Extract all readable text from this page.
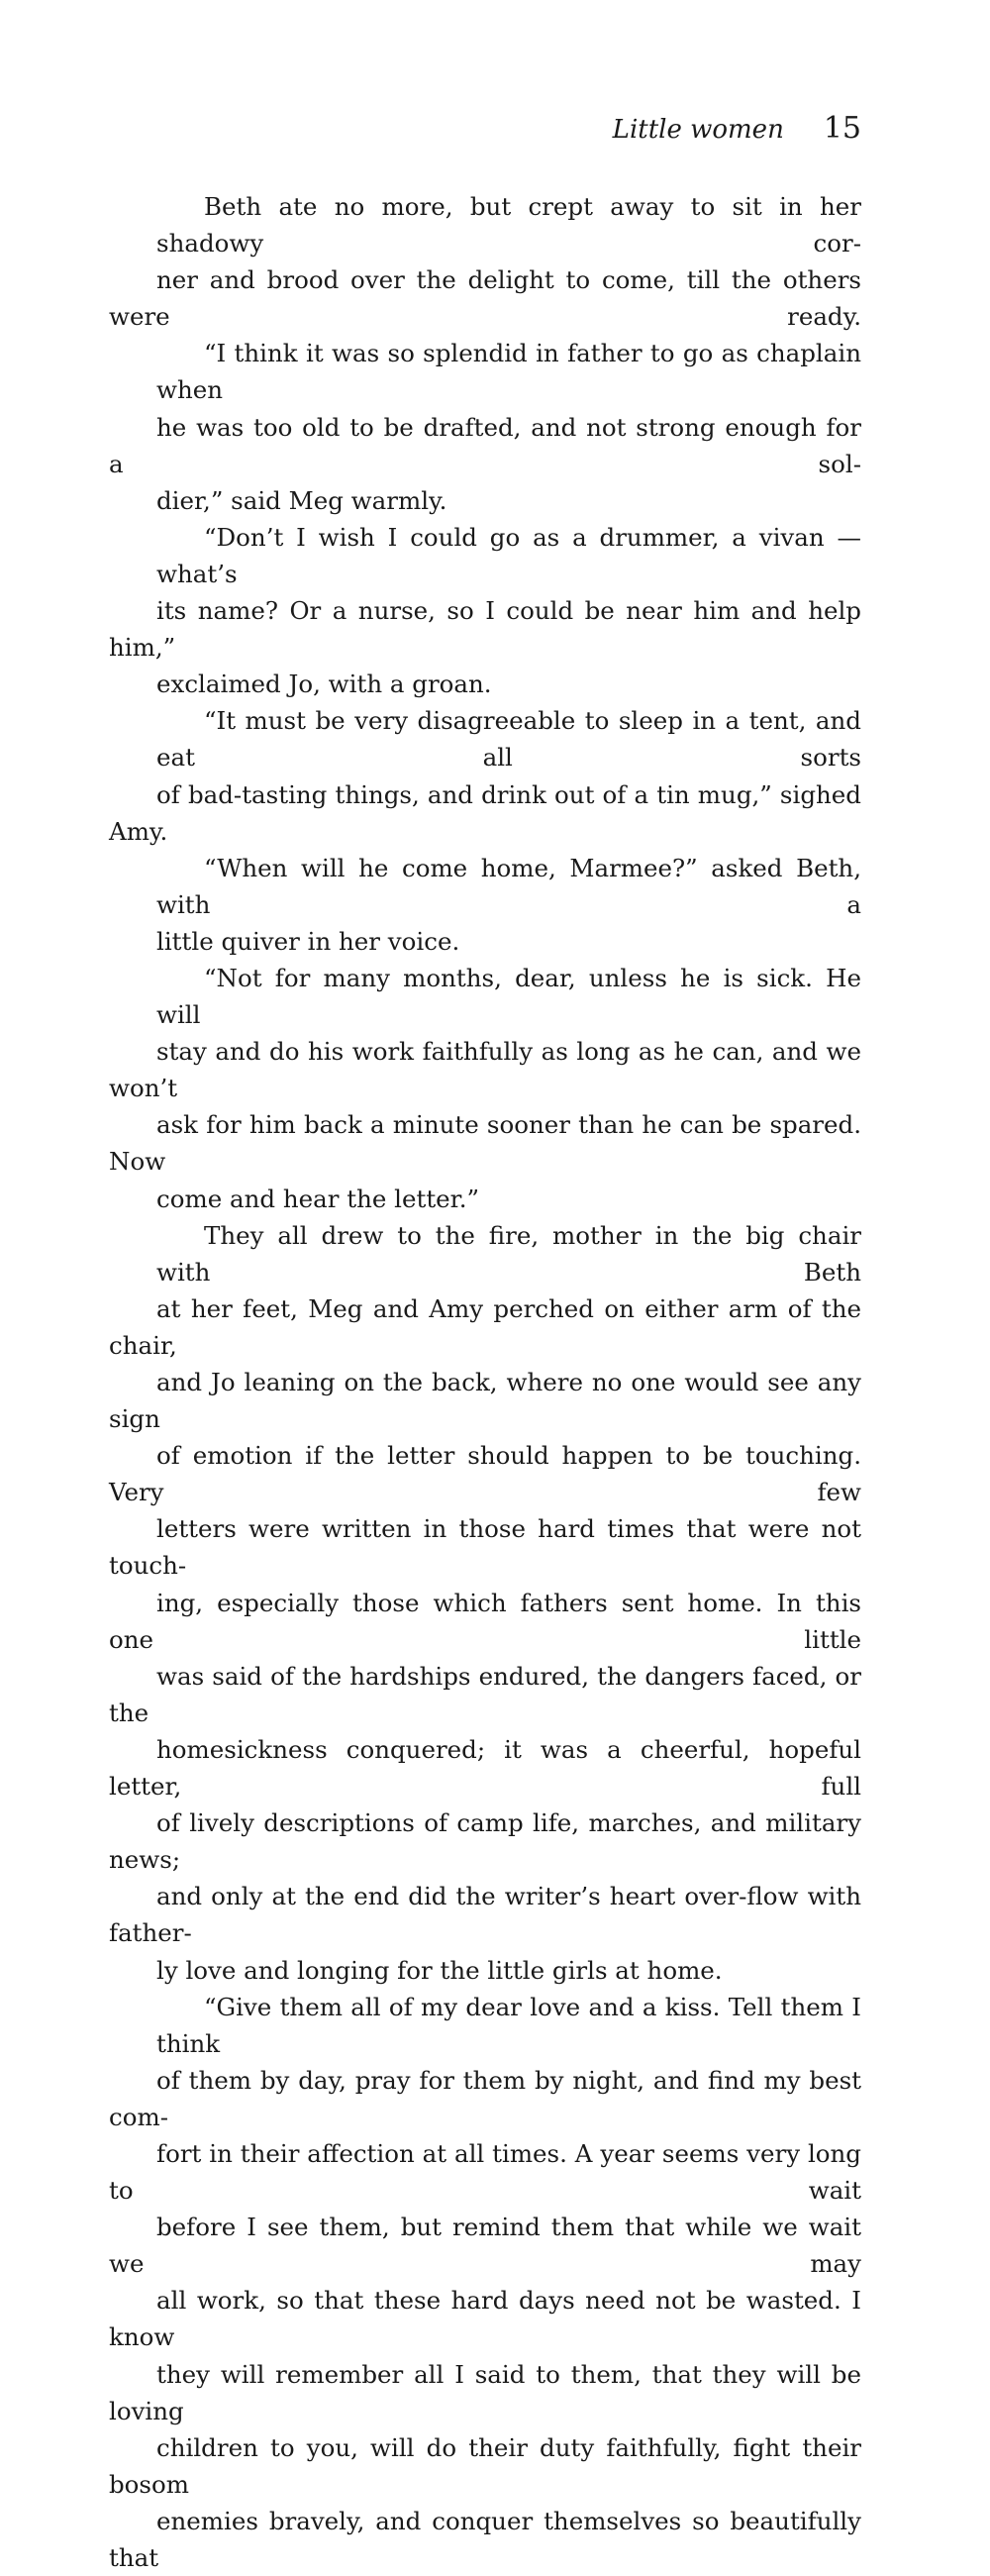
Little women 15

Beth ate no more, but crept away to sit in her shadowy cor-
ner and brood over the delight to come, till the others were ready.

“I think it was so splendid in father to go as chaplain when
he was too old to be drafted, and not strong enough for a sol-
dier,” said Meg warmly.

“Don’t I wish I could go as a drummer, a vivan — what’s
its name? Or a nurse, so I could be near him and help him,”
exclaimed Jo, with a groan.

“It must be very disagreeable to sleep in a tent, and eat all sorts
of bad-tasting things, and drink out of a tin mug,” sighed Amy.

“When will he come home, Marmee?” asked Beth, with a
little quiver in her voice.

“Not for many months, dear, unless he is sick. He will
stay and do his work faithfully as long as he can, and we won’t
ask for him back a minute sooner than he can be spared. Now
come and hear the letter.”

They all drew to the fire, mother in the big chair with Beth
at her feet, Meg and Amy perched on either arm of the chair,
and Jo leaning on the back, where no one would see any sign
of emotion if the letter should happen to be touching. Very few
letters were written in those hard times that were not touch-
ing, especially those which fathers sent home. In this one little
was said of the hardships endured, the dangers faced, or the
homesickness conquered; it was a cheerful, hopeful letter, full
of lively descriptions of camp life, marches, and military news;
and only at the end did the writer’s heart over-flow with father-
ly love and longing for the little girls at home.

“Give them all of my dear love and a kiss. Tell them I think
of them by day, pray for them by night, and find my best com-
fort in their affection at all times. A year seems very long to wait
before I see them, but remind them that while we wait we may
all work, so that these hard days need not be wasted. I know
they will remember all I said to them, that they will be loving
children to you, will do their duty faithfully, fight their bosom
enemies bravely, and conquer themselves so beautifully that
